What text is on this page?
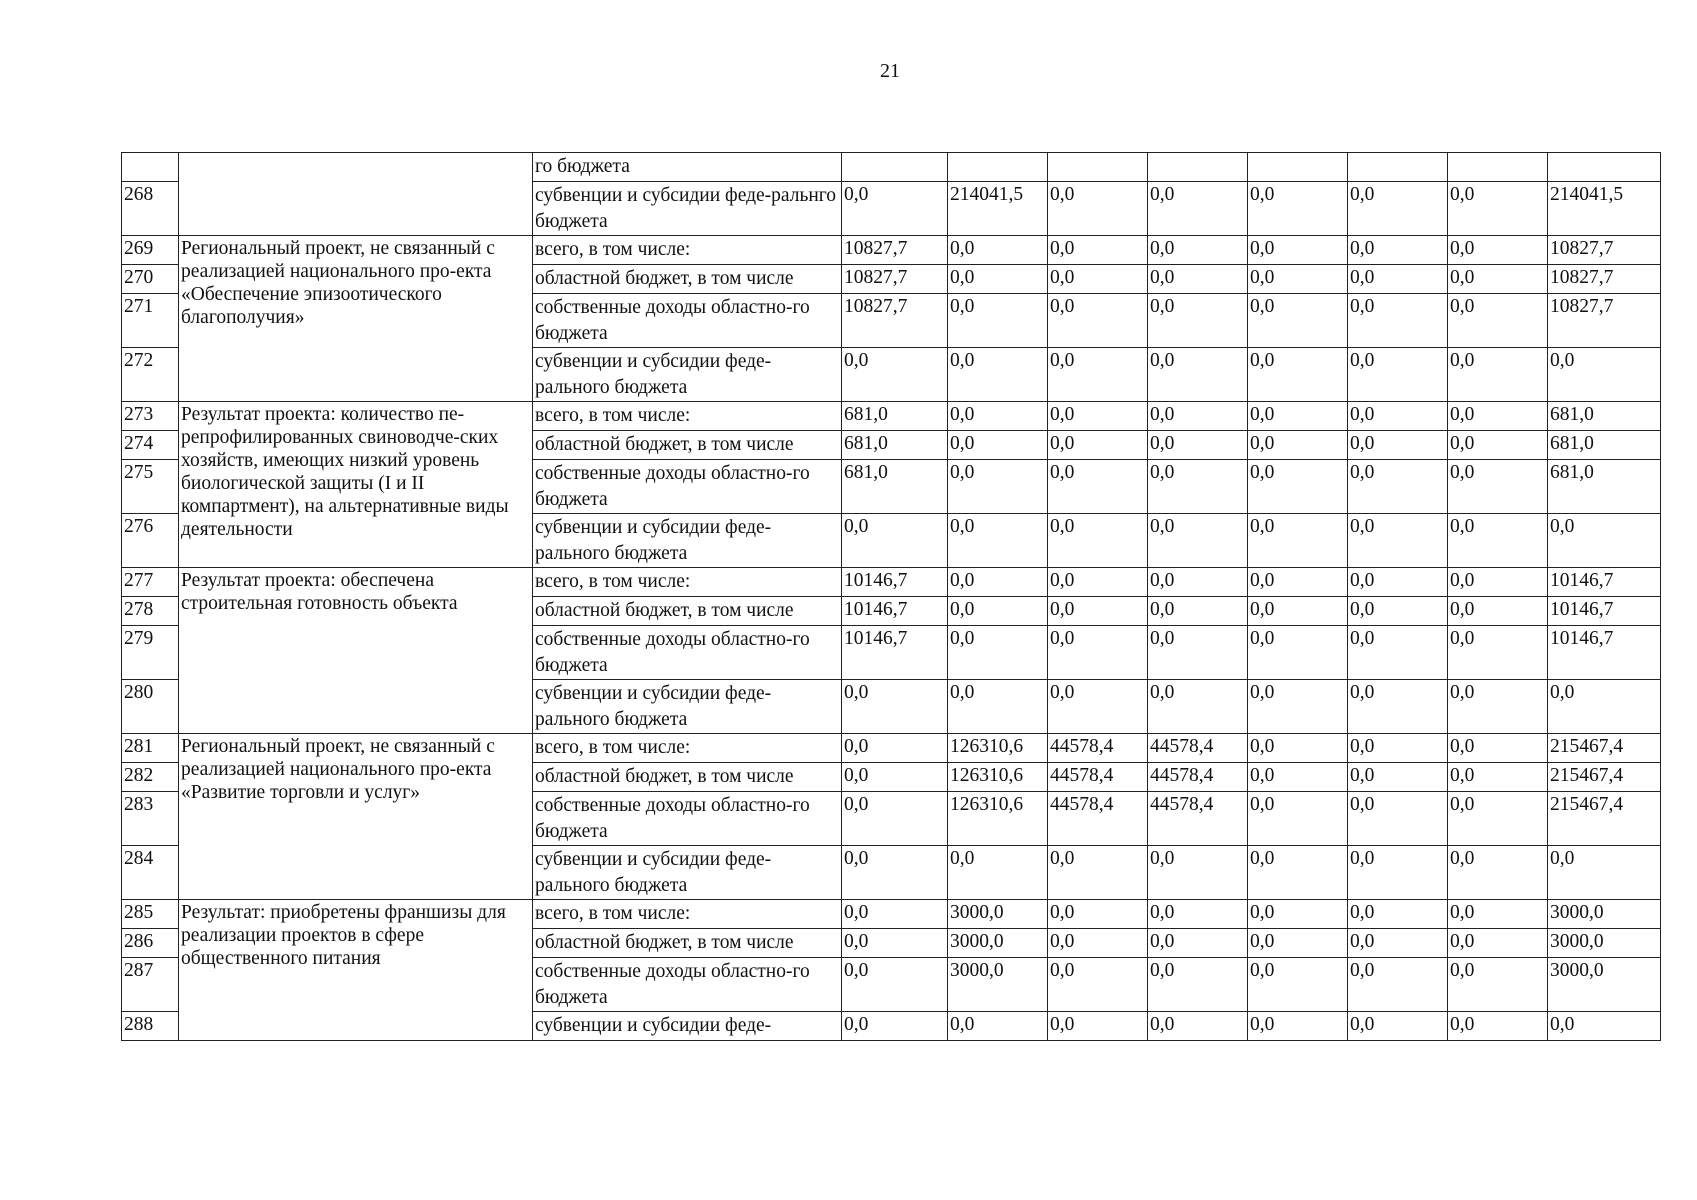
21
		го бюджета								
268		субвенции и субсидии феде-ральнго бюджета	0,0	214041,5	0,0	0,0	0,0	0,0	0,0	214041,5
269	Региональный проект, не связанный с реализацией национального про-екта «Обеспечение эпизоотического благополучия»	всего, в том числе:	10827,7	0,0	0,0	0,0	0,0	0,0	0,0	10827,7
270		областной бюджет, в том числе	10827,7	0,0	0,0	0,0	0,0	0,0	0,0	10827,7
271		собственные доходы областно-го бюджета	10827,7	0,0	0,0	0,0	0,0	0,0	0,0	10827,7
272		субвенции и субсидии феде-рального бюджета	0,0	0,0	0,0	0,0	0,0	0,0	0,0	0,0
273	Результат проекта: количество пе-репрофилированных свиноводче-ских хозяйств, имеющих низкий уровень биологической защиты (I и II компартмент), на альтернативные виды деятельности	всего, в том числе:	681,0	0,0	0,0	0,0	0,0	0,0	0,0	681,0
274		областной бюджет, в том числе	681,0	0,0	0,0	0,0	0,0	0,0	0,0	681,0
275		собственные доходы областно-го бюджета	681,0	0,0	0,0	0,0	0,0	0,0	0,0	681,0
276		субвенции и субсидии феде-рального бюджета	0,0	0,0	0,0	0,0	0,0	0,0	0,0	0,0
277	Результат проекта: обеспечена строительная готовность объекта	всего, в том числе:	10146,7	0,0	0,0	0,0	0,0	0,0	0,0	10146,7
278		областной бюджет, в том числе	10146,7	0,0	0,0	0,0	0,0	0,0	0,0	10146,7
279		собственные доходы областно-го бюджета	10146,7	0,0	0,0	0,0	0,0	0,0	0,0	10146,7
280		субвенции и субсидии феде-рального бюджета	0,0	0,0	0,0	0,0	0,0	0,0	0,0	0,0
281	Региональный проект, не связанный с реализацией национального про-екта «Развитие торговли и услуг»	всего, в том числе:	0,0	126310,6	44578,4	44578,4	0,0	0,0	0,0	215467,4
282		областной бюджет, в том числе	0,0	126310,6	44578,4	44578,4	0,0	0,0	0,0	215467,4
283		собственные доходы областно-го бюджета	0,0	126310,6	44578,4	44578,4	0,0	0,0	0,0	215467,4
284		субвенции и субсидии феде-рального бюджета	0,0	0,0	0,0	0,0	0,0	0,0	0,0	0,0
285	Результат: приобретены франшизы для реализации проектов в сфере общественного питания	всего, в том числе:	0,0	3000,0	0,0	0,0	0,0	0,0	0,0	3000,0
286		областной бюджет, в том числе	0,0	3000,0	0,0	0,0	0,0	0,0	0,0	3000,0
287		собственные доходы областно-го бюджета	0,0	3000,0	0,0	0,0	0,0	0,0	0,0	3000,0
288		субвенции и субсидии феде-	0,0	0,0	0,0	0,0	0,0	0,0	0,0	0,0
